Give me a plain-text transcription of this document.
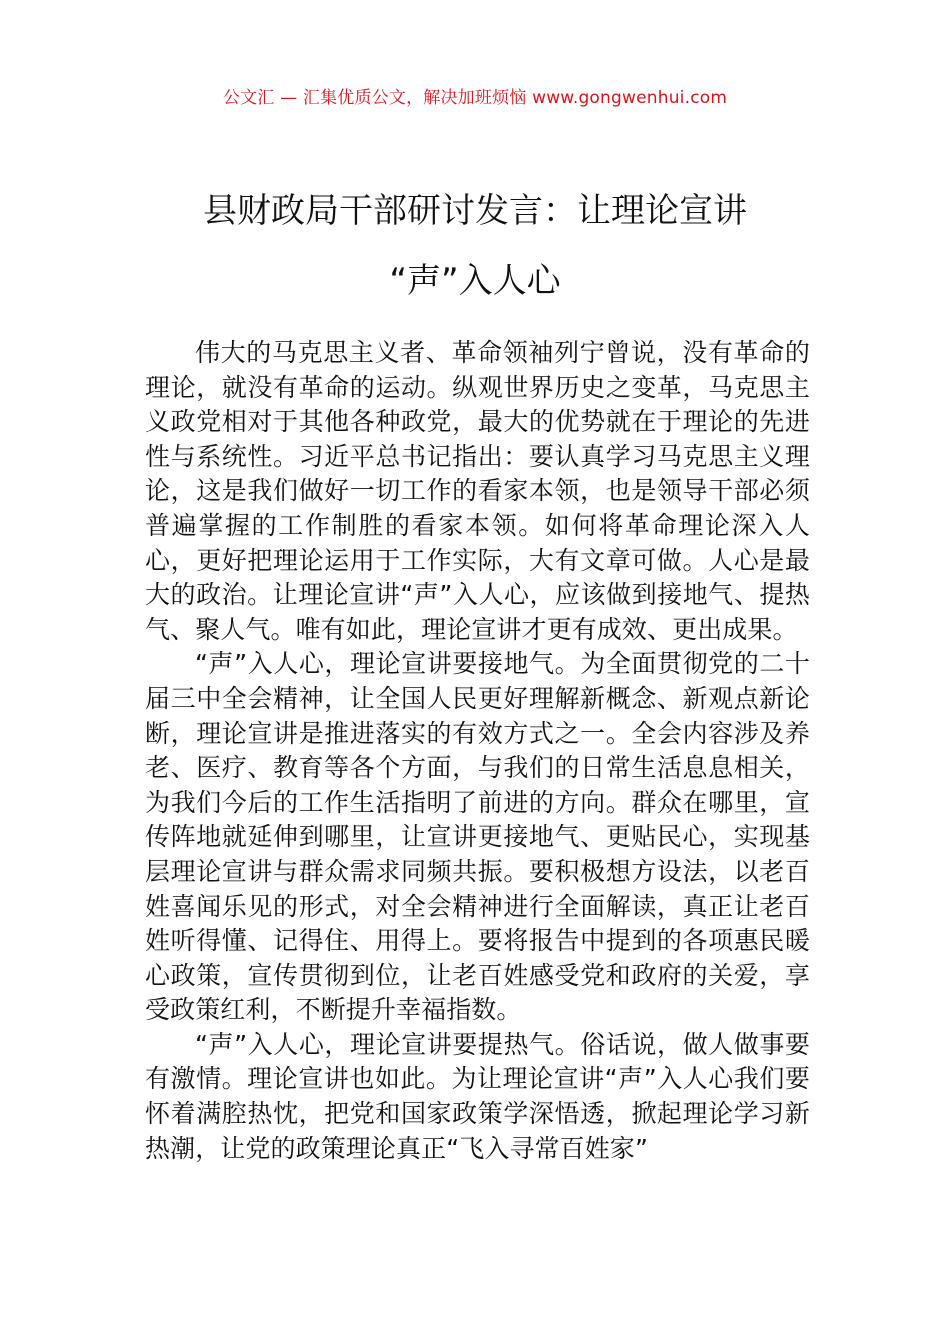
公文汇 — 汇集优质公文，解决加班烦恼 www.gongwenhui.com
县财政局干部研讨发言：让理论宣讲
“声”入人心

伟大的马克思主义者、革命领袖列宁曾说，没有革命的理论，就没有革命的运动。纵观世界历史之变革，马克思主义政党相对于其他各种政党，最大的优势就在于理论的先进性与系统性。习近平总书记指出：要认真学习马克思主义理论，这是我们做好一切工作的看家本领，也是领导干部必须普遍掌握的工作制胜的看家本领。如何将革命理论深入人心，更好把理论运用于工作实际，大有文章可做。人心是最大的政治。让理论宣讲“声”入人心，应该做到接地气、提热气、聚人气。唯有如此，理论宣讲才更有成效、更出成果。

“声”入人心，理论宣讲要接地气。为全面贯彻党的二十届三中全会精神，让全国人民更好理解新概念、新观点新论断，理论宣讲是推进落实的有效方式之一。全会内容涉及养老、医疗、教育等各个方面，与我们的日常生活息息相关，为我们今后的工作生活指明了前进的方向。群众在哪里，宣传阵地就延伸到哪里，让宣讲更接地气、更贴民心，实现基层理论宣讲与群众需求同频共振。要积极想方设法，以老百姓喜闻乐见的形式，对全会精神进行全面解读，真正让老百姓听得懂、记得住、用得上。要将报告中提到的各项惠民暖心政策，宣传贯彻到位，让老百姓感受党和政府的关爱，享受政策红利，不断提升幸福指数。

“声”入人心，理论宣讲要提热气。俗话说，做人做事要有激情。理论宣讲也如此。为让理论宣讲“声”入人心我们要怀着满腔热忱，把党和国家政策学深悟透，掀起理论学习新热潮，让党的政策理论真正“飞入寻常百姓家”
